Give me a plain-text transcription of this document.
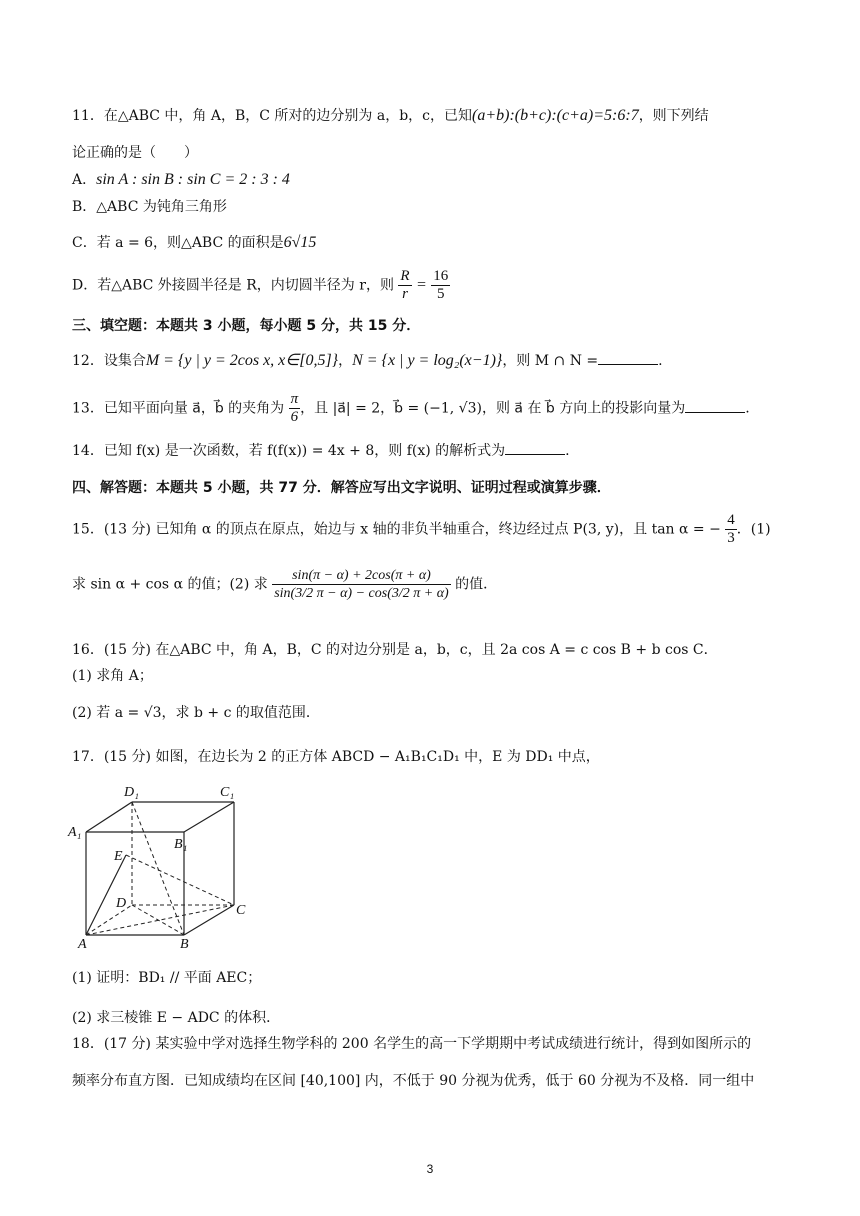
11．在△ABC 中，角 A，B，C 所对的边分别为 a，b，c，已知(a+b):(b+c):(c+a)=5:6:7，则下列结
论正确的是（　　）
A．sin A : sin B : sin C = 2 : 3 : 4
B．△ABC 为钝角三角形
C．若 a = 6，则△ABC 的面积是6√15
D．若△ABC 外接圆半径是 R，内切圆半径为 r，则 $\frac{R}{r} = \frac{16}{5}$
三、填空题：本题共 3 小题，每小题 5 分，共 15 分．
12．设集合M = {y | y = 2cos x, x∈[0,5]}，N = {x | y = log₂(x−1)}，则 M ∩ N =	.
13．已知平面向量 a⃗，b⃗ 的夹角为 $\frac{\pi}{6}$ ，且 |a⃗| = 2，b⃗ = (−1, √3)，则 a⃗ 在 b⃗ 方向上的投影向量为	.
14．已知 f(x) 是一次函数，若 f(f(x)) = 4x + 8，则 f(x) 的解析式为	.
四、解答题：本题共 5 小题，共 77 分．解答应写出文字说明、证明过程或演算步骤．
15．(13 分) 已知角 α 的顶点在原点，始边与 x 轴的非负半轴重合，终边经过点 P(3, y)，且 tan α = − $\frac{4}{3}$ ．(1)
求 sin α + cos α 的值；(2) 求 $\frac{\sin(\pi - \alpha) + 2\cos(\pi + \alpha)}{\sin(3/2 \pi - \alpha) - \cos(3/2 \pi + \alpha)}$ 的值．
16．(15 分) 在△ABC 中，角 A，B，C 的对边分别是 a，b，c，且 2a cos A = c cos B + b cos C．
(1) 求角 A；
(2) 若 a = √3，求 b + c 的取值范围．
17．(15 分) 如图，在边长为 2 的正方体 ABCD − A₁B₁C₁D₁ 中，E 为 DD₁ 中点，
D₁	C₁
A₁
B₁
E
D	C
A	B
(1) 证明：BD₁ // 平面 AEC；
(2) 求三棱锥 E − ADC 的体积．
18．(17 分) 某实验中学对选择生物学科的 200 名学生的高一下学期期中考试成绩进行统计，得到如图所示的
频率分布直方图．已知成绩均在区间 [40,100] 内，不低于 90 分视为优秀，低于 60 分视为不及格．同一组中
3
